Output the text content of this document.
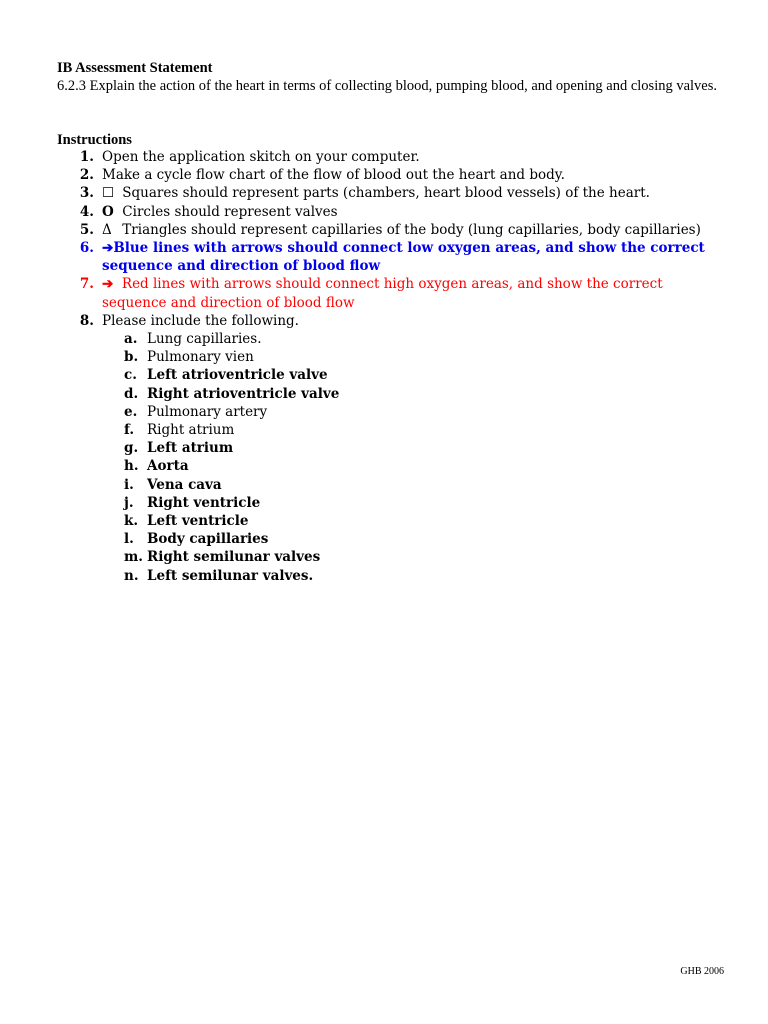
IB Assessment Statement

6.2.3 Explain the action of the heart in terms of collecting blood, pumping blood, and opening and closing valves.

Instructions
1. Open the application skitch on your computer.
2. Make a cycle flow chart of the flow of blood out the heart and body.
3. ☐ Squares should represent parts (chambers, heart blood vessels) of the heart.
4. O Circles should represent valves
5. Δ Triangles should represent capillaries of the body (lung capillaries, body capillaries)
6. ➔Blue lines with arrows should connect low oxygen areas, and show the correct sequence and direction of blood flow
7. ➔ Red lines with arrows should connect high oxygen areas, and show the correct sequence and direction of blood flow
8. Please include the following.
a. Lung capillaries.
b. Pulmonary vien
c. Left atrioventricle valve
d. Right atrioventricle valve
e. Pulmonary artery
f. Right atrium
g. Left atrium
h. Aorta
i. Vena cava
j. Right ventricle
k. Left ventricle
l. Body capillaries
m. Right semilunar valves
n. Left semilunar valves.
GHB 2006
